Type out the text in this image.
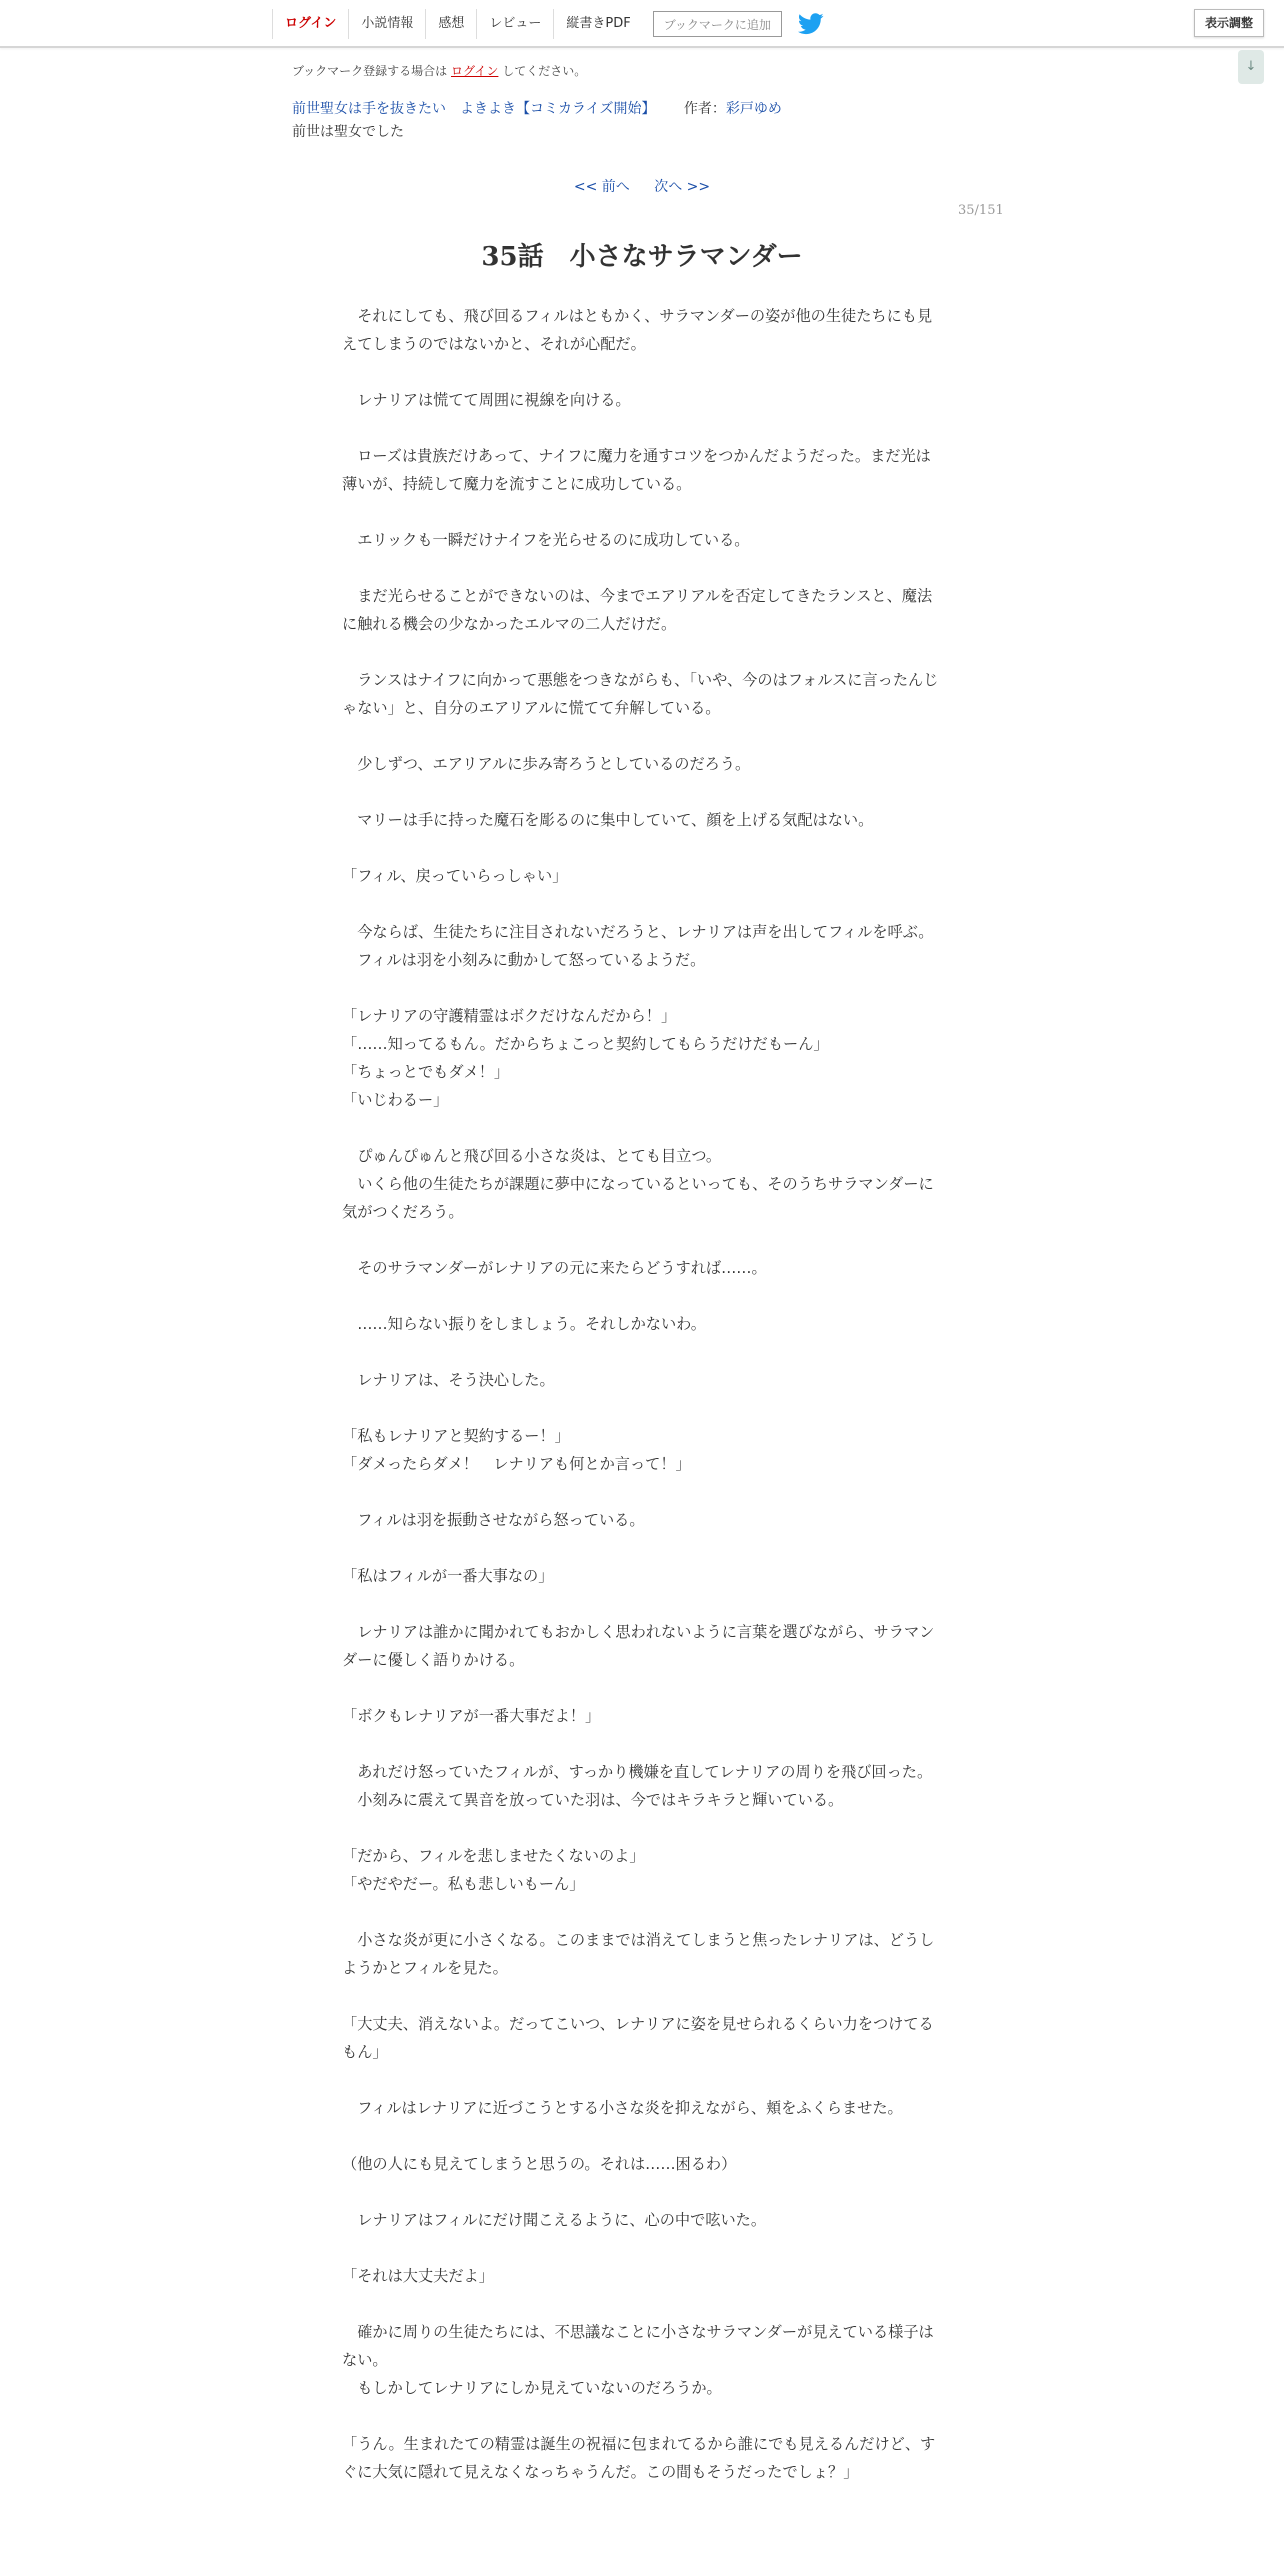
ログイン	小説情報	感想	レビュー	縦書きPDF	ブックマークに追加	表示調整
↓
ブックマーク登録する場合は ログイン してください。
前世聖女は手を抜きたい　よきよき【コミカライズ開始】 作者：彩戸ゆめ
前世は聖女でした
<< 前へ 次へ >>
35/151
35話　小さなサラマンダー

　それにしても、飛び回るフィルはともかく、サラマンダーの姿が他の生徒たちにも見えてしまうのではないかと、それが心配だ。

　レナリアは慌てて周囲に視線を向ける。

　ローズは貴族だけあって、ナイフに魔力を通すコツをつかんだようだった。まだ光は薄いが、持続して魔力を流すことに成功している。

　エリックも一瞬だけナイフを光らせるのに成功している。

　まだ光らせることができないのは、今までエアリアルを否定してきたランスと、魔法に触れる機会の少なかったエルマの二人だけだ。

　ランスはナイフに向かって悪態をつきながらも、「いや、今のはフォルスに言ったんじゃない」と、自分のエアリアルに慌てて弁解している。

　少しずつ、エアリアルに歩み寄ろうとしているのだろう。

　マリーは手に持った魔石を彫るのに集中していて、顔を上げる気配はない。

「フィル、戻っていらっしゃい」

　今ならば、生徒たちに注目されないだろうと、レナリアは声を出してフィルを呼ぶ。

　フィルは羽を小刻みに動かして怒っているようだ。

「レナリアの守護精霊はボクだけなんだから！」

「……知ってるもん。だからちょこっと契約してもらうだけだもーん」

「ちょっとでもダメ！」

「いじわるー」

　ぴゅんぴゅんと飛び回る小さな炎は、とても目立つ。

　いくら他の生徒たちが課題に夢中になっているといっても、そのうちサラマンダーに気がつくだろう。

　そのサラマンダーがレナリアの元に来たらどうすれば……。

　……知らない振りをしましょう。それしかないわ。

　レナリアは、そう決心した。

「私もレナリアと契約するー！」

「ダメったらダメ！　レナリアも何とか言って！」

　フィルは羽を振動させながら怒っている。

「私はフィルが一番大事なの」

　レナリアは誰かに聞かれてもおかしく思われないように言葉を選びながら、サラマンダーに優しく語りかける。

「ボクもレナリアが一番大事だよ！」

　あれだけ怒っていたフィルが、すっかり機嫌を直してレナリアの周りを飛び回った。

　小刻みに震えて異音を放っていた羽は、今ではキラキラと輝いている。

「だから、フィルを悲しませたくないのよ」

「やだやだー。私も悲しいもーん」

　小さな炎が更に小さくなる。このままでは消えてしまうと焦ったレナリアは、どうしようかとフィルを見た。

「大丈夫、消えないよ。だってこいつ、レナリアに姿を見せられるくらい力をつけてるもん」

　フィルはレナリアに近づこうとする小さな炎を抑えながら、頬をふくらませた。

（他の人にも見えてしまうと思うの。それは……困るわ）

　レナリアはフィルにだけ聞こえるように、心の中で呟いた。

「それは大丈夫だよ」

　確かに周りの生徒たちには、不思議なことに小さなサラマンダーが見えている様子はない。

　もしかしてレナリアにしか見えていないのだろうか。

「うん。生まれたての精霊は誕生の祝福に包まれてるから誰にでも見えるんだけど、すぐに大気に隠れて見えなくなっちゃうんだ。この間もそうだったでしょ？」
